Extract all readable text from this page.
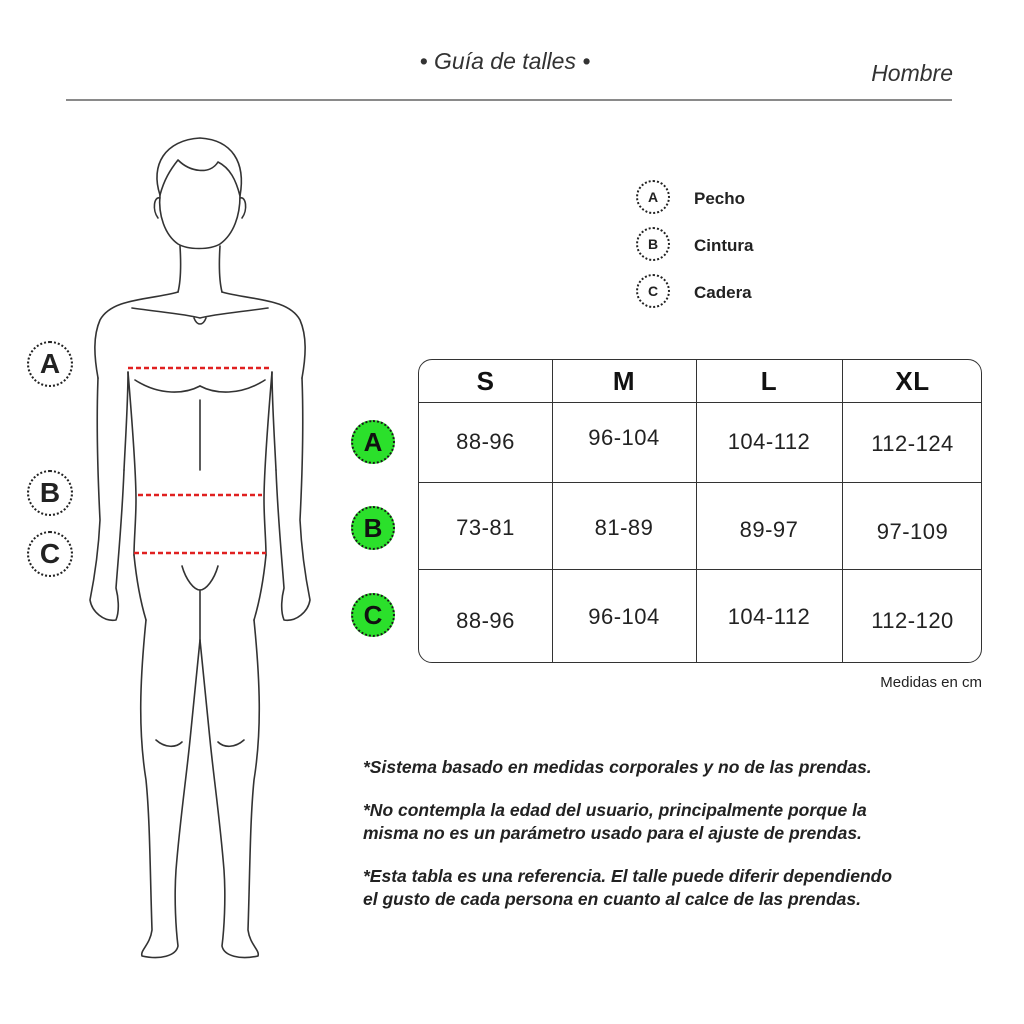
• Guía de talles •	Hombre
A
B
C
A	Pecho
B	Cintura
C	Cadera
A
B
C
S	M	L	XL
88-96	96-104	104-112	112-124
73-81	81-89	89-97	97-109
88-96	96-104	104-112	112-120
Medidas en cm

*Sistema basado en medidas corporales y no de las prendas.

*No contempla la edad del usuario, principalmente porque la
misma no es un parámetro usado para el ajuste de prendas.

*Esta tabla es una referencia. El talle puede diferir dependiendo
el gusto de cada persona en cuanto al calce de las prendas.
